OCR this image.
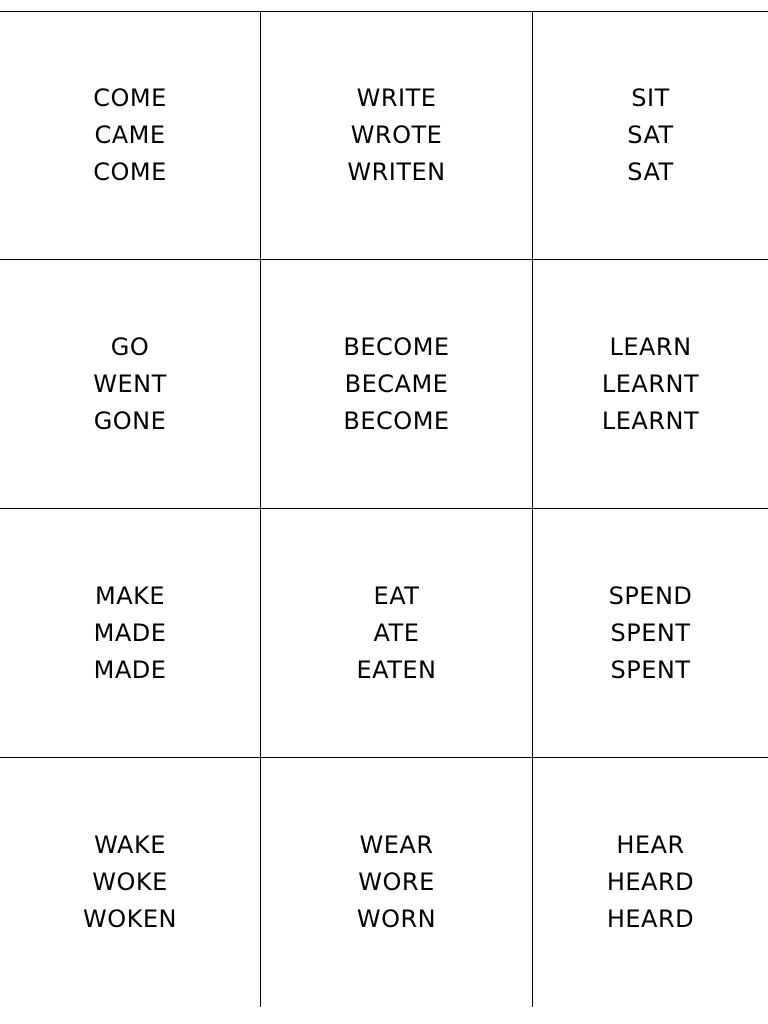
COME
CAME
COME
WRITE
WROTE
WRITEN
SIT
SAT
SAT
GO
WENT
GONE
BECOME
BECAME
BECOME
LEARN
LEARNT
LEARNT
MAKE
MADE
MADE
EAT
ATE
EATEN
SPEND
SPENT
SPENT
WAKE
WOKE
WOKEN
WEAR
WORE
WORN
HEAR
HEARD
HEARD
